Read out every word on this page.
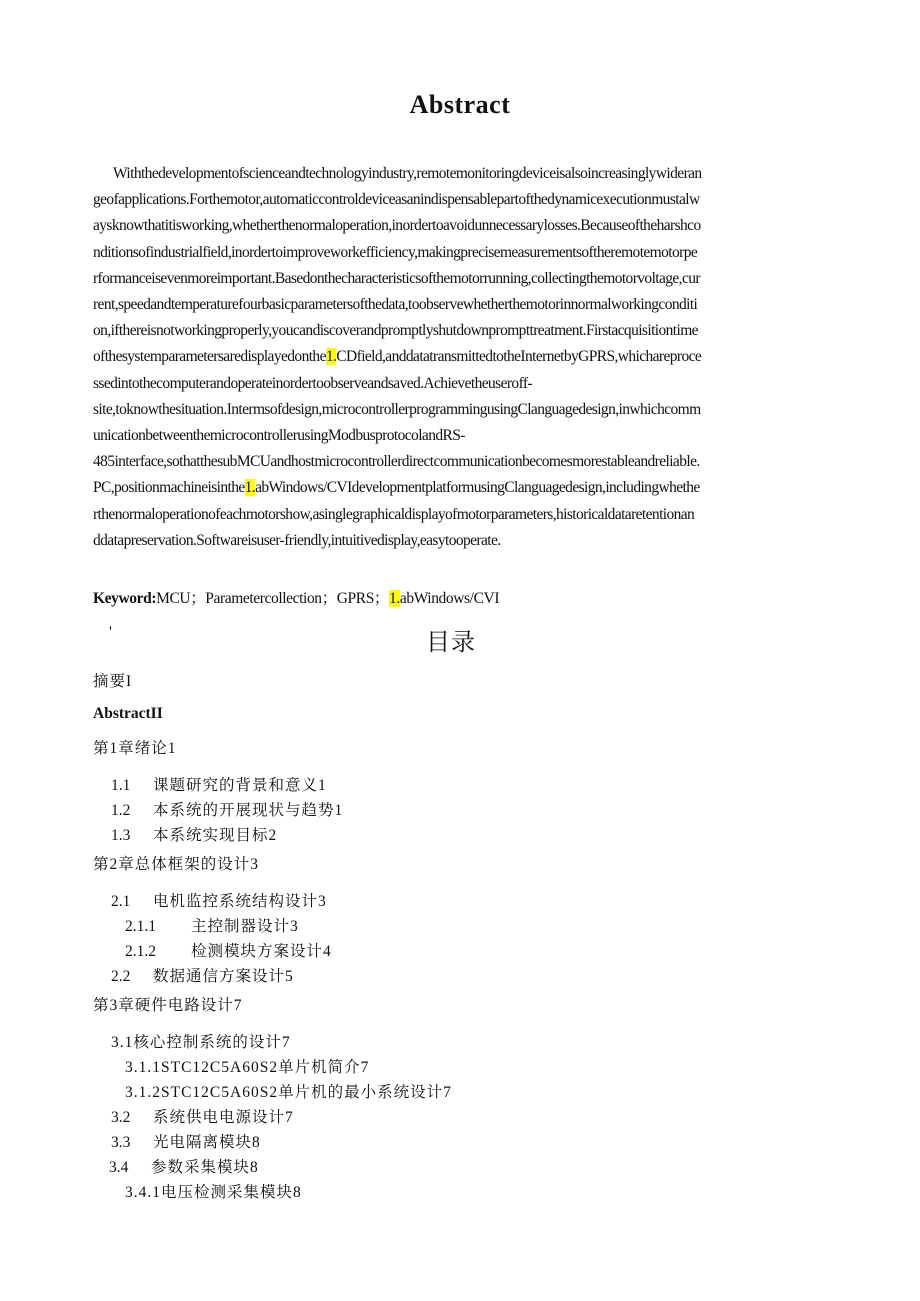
Abstract
Withthedevelopmentofscienceandtechnologyindustry,remotemonitoringdeviceisalsoincreasinglywideran
geofapplications.Forthemotor,automaticcontroldeviceasanindispensablepartofthedynamicexecutionmustalw
aysknowthatitisworking,whetherthenormaloperation,inordertoavoidunnecessarylosses.Becauseoftheharshco
nditionsofindustrialfield,inordertoimproveworkefficiency,makingprecisemeasurementsoftheremotemotorpe
rformanceisevenmoreimportant.Basedonthecharacteristicsofthemotorrunning,collectingthemotorvoltage,cur
rent,speedandtemperaturefourbasicparametersofthedata,toobservewhetherthemotorinnormalworkingconditi
on,ifthereisnotworkingproperly,youcandiscoverandpromptlyshutdownprompttreatment.Firstacquisitiontime
ofthesystemparametersaredisplayedonthe1.CDfield,anddatatransmittedtotheInternetbyGPRS,whichareproce
ssedintothecomputerandoperateinordertoobserveandsaved.Achievetheuseroff-
site,toknowthesituation.Intermsofdesign,microcontrollerprogrammingusingClanguagedesign,inwhichcomm
unicationbetweenthemicrocontrollerusingModbusprotocolandRS-
485interface,sothatthesubMCUandhostmicrocontrollerdirectcommunicationbecomesmorestableandreliable.
PC,positionmachineisinthe1.abWindows/CVIdevelopmentplatformusingClanguagedesign,includingwhethe
rthenormaloperationofeachmotorshow,asinglegraphicaldisplayofmotorparameters,historicaldataretentionan
ddatapreservation.Softwareisuser-friendly,intuitivedisplay,easytooperate.
Keyword:MCU；Parametercollection；GPRS；1.abWindows/CVI
'	目录
摘要I
AbstractII
第1章绪论1
1.1 课题研究的背景和意义1
1.2 本系统的开展现状与趋势1
1.3 本系统实现目标2
第2章总体框架的设计3
2.1 电机监控系统结构设计3
2.1.1 主控制器设计3
2.1.2 检测模块方案设计4
2.2 数据通信方案设计5
第3章硬件电路设计7
3.1核心控制系统的设计7
3.1.1STC12C5A60S2单片机简介7
3.1.2STC12C5A60S2单片机的最小系统设计7
3.2 系统供电电源设计7
3.3 光电隔离模块8
3.4 参数采集模块8
3.4.1电压检测采集模块8
